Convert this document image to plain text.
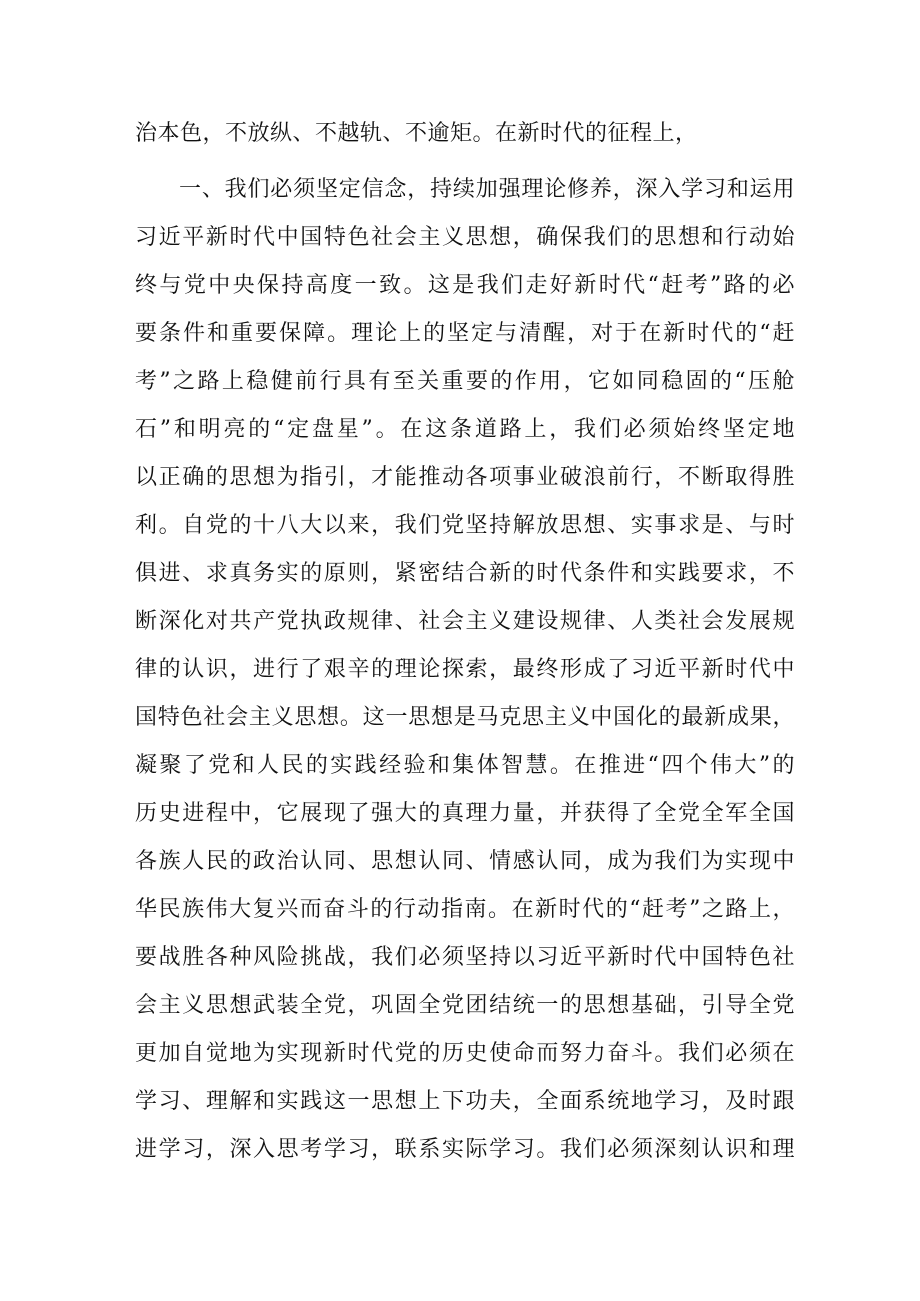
治本色，不放纵、不越轨、不逾矩。在新时代的征程上，
一、我们必须坚定信念，持续加强理论修养，深入学习和运用
习近平新时代中国特色社会主义思想，确保我们的思想和行动始
终与党中央保持高度一致。这是我们走好新时代“赶考”路的必
要条件和重要保障。理论上的坚定与清醒，对于在新时代的“赶
考”之路上稳健前行具有至关重要的作用，它如同稳固的“压舱
石”和明亮的“定盘星”。在这条道路上，我们必须始终坚定地
以正确的思想为指引，才能推动各项事业破浪前行，不断取得胜
利。自党的十八大以来，我们党坚持解放思想、实事求是、与时
俱进、求真务实的原则，紧密结合新的时代条件和实践要求，不
断深化对共产党执政规律、社会主义建设规律、人类社会发展规
律的认识，进行了艰辛的理论探索，最终形成了习近平新时代中
国特色社会主义思想。这一思想是马克思主义中国化的最新成果，
凝聚了党和人民的实践经验和集体智慧。在推进“四个伟大”的
历史进程中，它展现了强大的真理力量，并获得了全党全军全国
各族人民的政治认同、思想认同、情感认同，成为我们为实现中
华民族伟大复兴而奋斗的行动指南。在新时代的“赶考”之路上，
要战胜各种风险挑战，我们必须坚持以习近平新时代中国特色社
会主义思想武装全党，巩固全党团结统一的思想基础，引导全党
更加自觉地为实现新时代党的历史使命而努力奋斗。我们必须在
学习、理解和实践这一思想上下功夫，全面系统地学习，及时跟
进学习，深入思考学习，联系实际学习。我们必须深刻认识和理
